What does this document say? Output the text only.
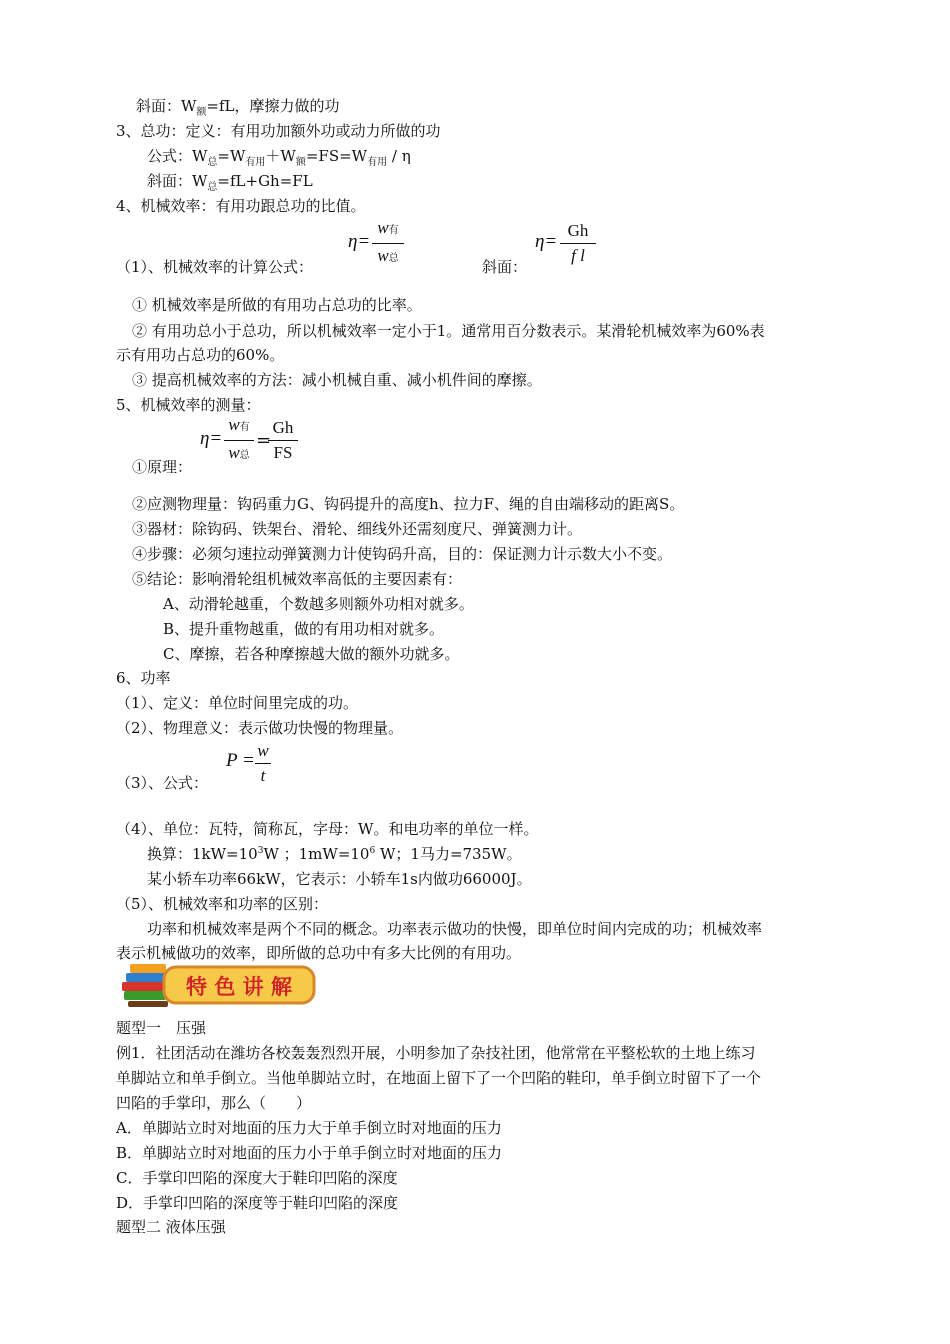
斜面：$W_额=fL$，摩擦力做的功
3、总功：定义：有用功加额外功或动力所做的功
公式：$W_总=W_{有用}+W_额=FS=W_{有用} / \eta$
斜面：$W_总=fL+Gh=FL$
4、机械效率：有用功跟总功的比值。
η=
w有
w总
（1）、机械效率的计算公式：	斜面：
η=
Gh
f l
① 机械效率是所做的有用功占总功的比率。
② 有用功总小于总功，所以机械效率一定小于1。通常用百分数表示。某滑轮机械效率为60%表
示有用功占总功的60%。
③ 提高机械效率的方法：减小机械自重、减小机件间的摩擦。
5、机械效率的测量：
η=
w有
w总
=
Gh
FS
①原理：
②应测物理量：钩码重力G、钩码提升的高度h、拉力F、绳的自由端移动的距离S。
③器材：除钩码、铁架台、滑轮、细线外还需刻度尺、弹簧测力计。
④步骤：必须匀速拉动弹簧测力计使钩码升高，目的：保证测力计示数大小不变。
⑤结论：影响滑轮组机械效率高低的主要因素有：
A、动滑轮越重，个数越多则额外功相对就多。
B、提升重物越重，做的有用功相对就多。
C、摩擦，若各种摩擦越大做的额外功就多。
6、功率
（1）、定义：单位时间里完成的功。
（2）、物理意义：表示做功快慢的物理量。
P = w
t
（3）、公式：
（4）、单位：瓦特，简称瓦，字母：W。和电功率的单位一样。
换算：$1kW=10^3W$ ；$1mW=10^6$ W；1马力=735W。
某小轿车功率66kW，它表示：小轿车1s内做功66000J。
（5）、机械效率和功率的区别：
功率和机械效率是两个不同的概念。功率表示做功的快慢，即单位时间内完成的功；机械效率
表示机械做功的效率，即所做的总功中有多大比例的有用功。
特 色 讲 解
题型一　压强
例1．社团活动在潍坊各校轰轰烈烈开展，小明参加了杂技社团，他常常在平整松软的土地上练习
单脚站立和单手倒立。当他单脚站立时，在地面上留下了一个凹陷的鞋印，单手倒立时留下了一个
凹陷的手掌印，那么（　　）
A．单脚站立时对地面的压力大于单手倒立时对地面的压力
B．单脚站立时对地面的压力小于单手倒立时对地面的压力
C．手掌印凹陷的深度大于鞋印凹陷的深度
D．手掌印凹陷的深度等于鞋印凹陷的深度
题型二 液体压强
